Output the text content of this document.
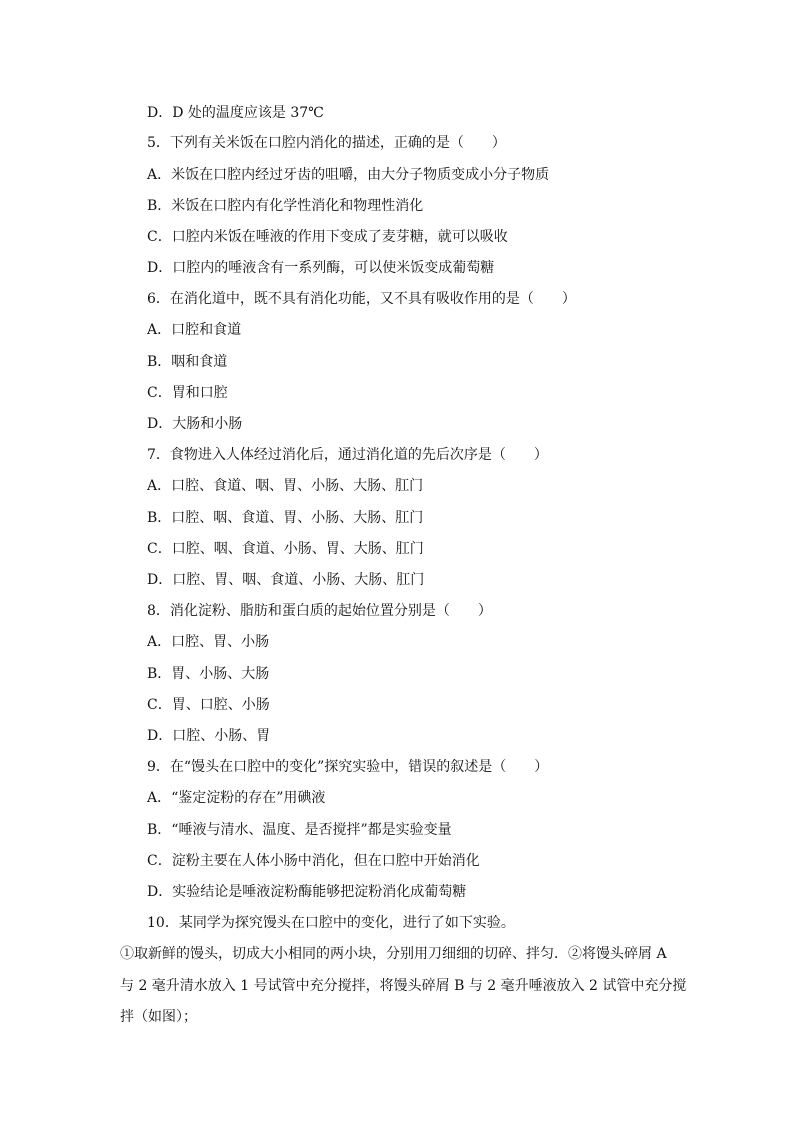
D．D 处的温度应该是 37℃
5．下列有关米饭在口腔内消化的描述，正确的是（　　）
A．米饭在口腔内经过牙齿的咀嚼，由大分子物质变成小分子物质
B．米饭在口腔内有化学性消化和物理性消化
C．口腔内米饭在唾液的作用下变成了麦芽糖，就可以吸收
D．口腔内的唾液含有一系列酶，可以使米饭变成葡萄糖
6．在消化道中，既不具有消化功能，又不具有吸收作用的是（　　）
A．口腔和食道
B．咽和食道
C．胃和口腔
D．大肠和小肠
7．食物进入人体经过消化后，通过消化道的先后次序是（　　）
A．口腔、食道、咽、胃、小肠、大肠、肛门
B．口腔、咽、食道、胃、小肠、大肠、肛门
C．口腔、咽、食道、小肠、胃、大肠、肛门
D．口腔、胃、咽、食道、小肠、大肠、肛门
8．消化淀粉、脂肪和蛋白质的起始位置分别是（　　）
A．口腔、胃、小肠
B．胃、小肠、大肠
C．胃、口腔、小肠
D．口腔、小肠、胃
9．在“馒头在口腔中的变化”探究实验中，错误的叙述是（　　）
A．“鉴定淀粉的存在”用碘液
B．“唾液与清水、温度、是否搅拌”都是实验变量
C．淀粉主要在人体小肠中消化，但在口腔中开始消化
D．实验结论是唾液淀粉酶能够把淀粉消化成葡萄糖
10．某同学为探究馒头在口腔中的变化，进行了如下实验。
①取新鲜的馒头，切成大小相同的两小块，分别用刀细细的切碎、拌匀．②将馒头碎屑 A
与 2 毫升清水放入 1 号试管中充分搅拌，将馒头碎屑 B 与 2 毫升唾液放入 2 试管中充分搅
拌（如图）；
